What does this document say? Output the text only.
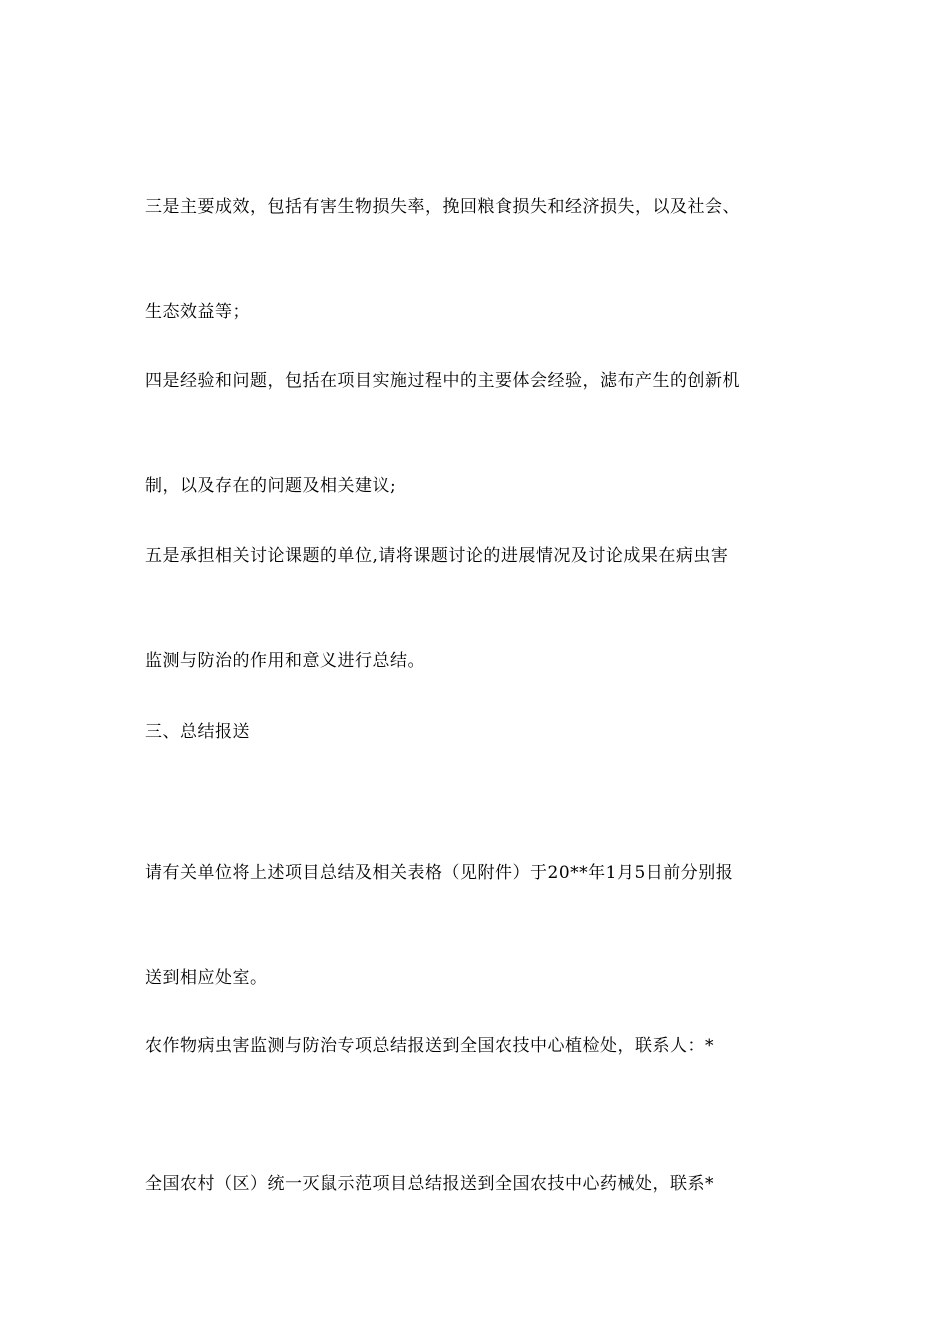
三是主要成效，包括有害生物损失率，挽回粮食损失和经济损失，以及社会、

生态效益等；

四是经验和问题，包括在项目实施过程中的主要体会经验，滤布产生的创新机

制，以及存在的问题及相关建议;

五是承担相关讨论课题的单位,请将课题讨论的进展情况及讨论成果在病虫害

监测与防治的作用和意义进行总结。

三、总结报送

请有关单位将上述项目总结及相关表格（见附件）于20**年1月5日前分别报

送到相应处室。

农作物病虫害监测与防治专项总结报送到全国农技中心植检处，联系人：*

全国农村（区）统一灭鼠示范项目总结报送到全国农技中心药械处，联系*
